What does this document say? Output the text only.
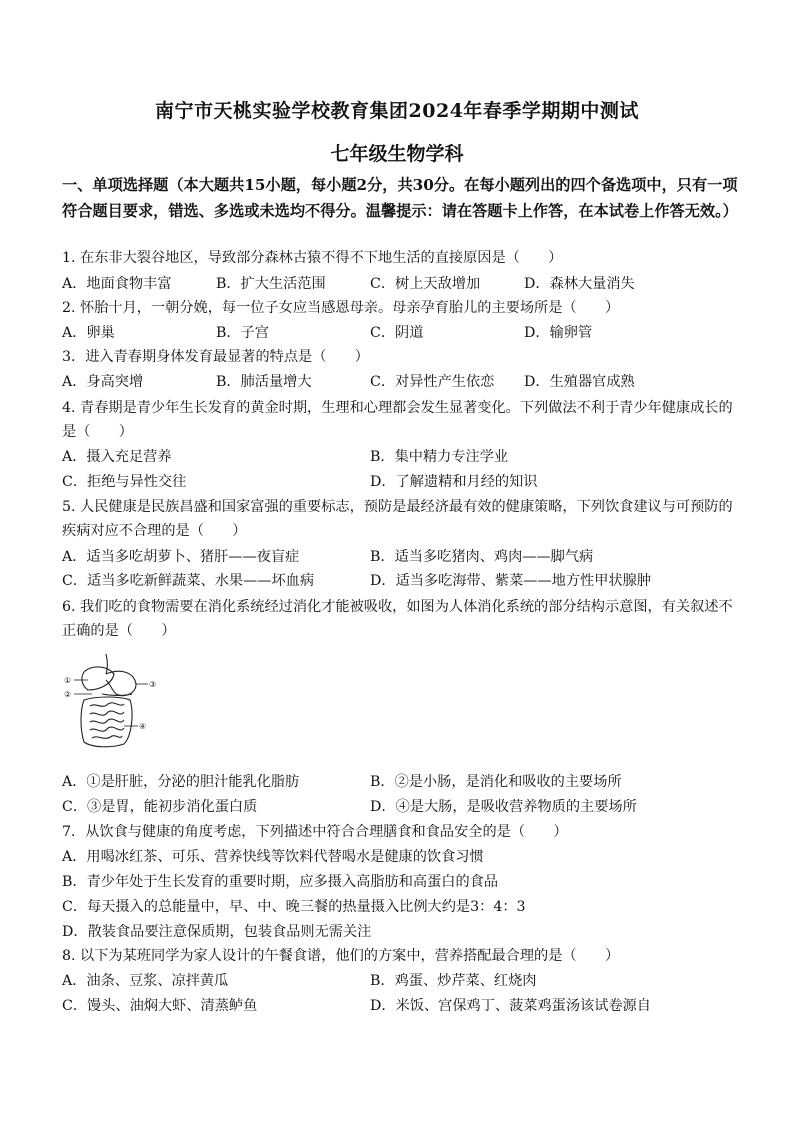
南宁市天桃实验学校教育集团2024年春季学期期中测试
七年级生物学科
一、单项选择题（本大题共15小题，每小题2分，共30分。在每小题列出的四个备选项中，只有一项符合题目要求，错选、多选或未选均不得分。温馨提示：请在答题卡上作答，在本试卷上作答无效。）
1. 在东非大裂谷地区，导致部分森林古猿不得不下地生活的直接原因是（　　）
A．地面食物丰富	B．扩大生活范围	C．树上天敌增加	D．森林大量消失
2. 怀胎十月，一朝分娩，每一位子女应当感恩母亲。母亲孕育胎儿的主要场所是（　　）
A．卵巢	B．子宫	C．阴道	D．输卵管
3．进入青春期身体发育最显著的特点是（　　）
A．身高突增	B．肺活量增大	C．对异性产生依恋 D．生殖器官成熟
4. 青春期是青少年生长发育的黄金时期，生理和心理都会发生显著变化。下列做法不利于青少年健康成长的是（　　）
A．摄入充足营养	B．集中精力专注学业
C．拒绝与异性交往	D．了解遗精和月经的知识
5. 人民健康是民族昌盛和国家富强的重要标志，预防是最经济最有效的健康策略，下列饮食建议与可预防的疾病对应不合理的是（　　）
A．适当多吃胡萝卜、猪肝——夜盲症	B．适当多吃猪肉、鸡肉——脚气病
C．适当多吃新鲜蔬菜、水果——坏血病	D．适当多吃海带、紫菜——地方性甲状腺肿
6. 我们吃的食物需要在消化系统经过消化才能被吸收，如图为人体消化系统的部分结构示意图，有关叙述不正确的是（　　）
①
②
③
④
A．①是肝脏，分泌的胆汁能乳化脂肪	B．②是小肠，是消化和吸收的主要场所
C．③是胃，能初步消化蛋白质	D．④是大肠，是吸收营养物质的主要场所
7．从饮食与健康的角度考虑，下列描述中符合合理膳食和食品安全的是（　　）
A．用喝冰红茶、可乐、营养快线等饮料代替喝水是健康的饮食习惯
B．青少年处于生长发育的重要时期，应多摄入高脂肪和高蛋白的食品
C．每天摄入的总能量中，早、中、晚三餐的热量摄入比例大约是3：4：3
D．散装食品要注意保质期，包装食品则无需关注
8. 以下为某班同学为家人设计的午餐食谱，他们的方案中，营养搭配最合理的是（　　）
A．油条、豆浆、凉拌黄瓜	B．鸡蛋、炒芹菜、红烧肉
C．馒头、油焖大虾、清蒸鲈鱼	D．米饭、宫保鸡丁、菠菜鸡蛋汤该试卷源自
